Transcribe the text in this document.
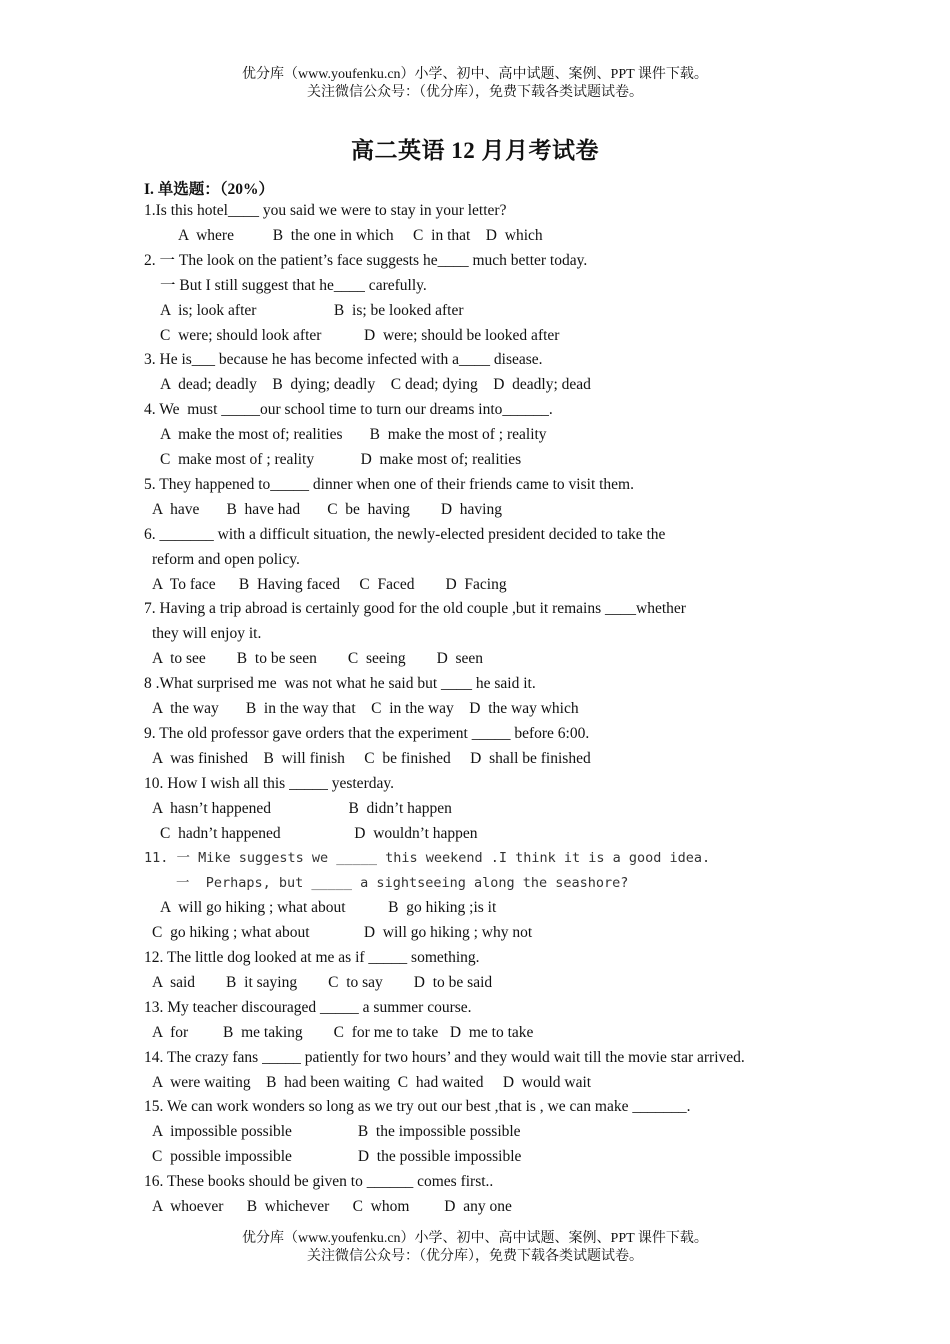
优分库（www.youfenku.cn）小学、初中、高中试题、案例、PPT 课件下载。
关注微信公众号：（优分库），免费下载各类试题试卷。
高二英语 12 月月考试卷
I. 单选题：（20%）
1.Is this hotel____ you said we were to stay in your letter?
A  where          B  the one in which     C  in that    D  which
2. 一 The look on the patient’s face suggests he____ much better today.
一 But I still suggest that he____ carefully.
A  is; look after                    B  is; be looked after
C  were; should look after           D  were; should be looked after
3. He is___ because he has become infected with a____ disease.
A  dead; deadly    B  dying; deadly    C dead; dying    D  deadly; dead
4. We  must _____our school time to turn our dreams into______.
A  make the most of; realities       B  make the most of ; reality
C  make most of ; reality            D  make most of; realities
5. They happened to_____ dinner when one of their friends came to visit them.
A  have       B  have had       C  be  having        D  having
6. _______ with a difficult situation, the newly-elected president decided to take the
reform and open policy.
A  To face      B  Having faced     C  Faced        D  Facing
7. Having a trip abroad is certainly good for the old couple ,but it remains ____whether
they will enjoy it.
A  to see        B  to be seen        C  seeing        D  seen
8 .What surprised me  was not what he said but ____ he said it.
A  the way       B  in the way that    C  in the way    D  the way which
9. The old professor gave orders that the experiment _____ before 6:00.
A  was finished    B  will finish     C  be finished     D  shall be finished
10. How I wish all this _____ yesterday.
A  hasn’t happened                    B  didn’t happen
C  hadn’t happened                   D  wouldn’t happen
11. 一 Mike suggests we _____ this weekend .I think it is a good idea.
一  Perhaps, but _____ a sightseeing along the seashore?
A  will go hiking ; what about           B  go hiking ;is it
C  go hiking ; what about              D  will go hiking ; why not
12. The little dog looked at me as if _____ something.
A  said        B  it saying        C  to say        D  to be said
13. My teacher discouraged _____ a summer course.
A  for         B  me taking        C  for me to take   D  me to take
14. The crazy fans _____ patiently for two hours’ and they would wait till the movie star arrived.
A  were waiting    B  had been waiting  C  had waited     D  would wait
15. We can work wonders so long as we try out our best ,that is , we can make _______.
A  impossible possible                 B  the impossible possible
C  possible impossible                 D  the possible impossible
16. These books should be given to ______ comes first..
A  whoever      B  whichever      C  whom         D  any one
优分库（www.youfenku.cn）小学、初中、高中试题、案例、PPT 课件下载。
关注微信公众号：（优分库），免费下载各类试题试卷。
